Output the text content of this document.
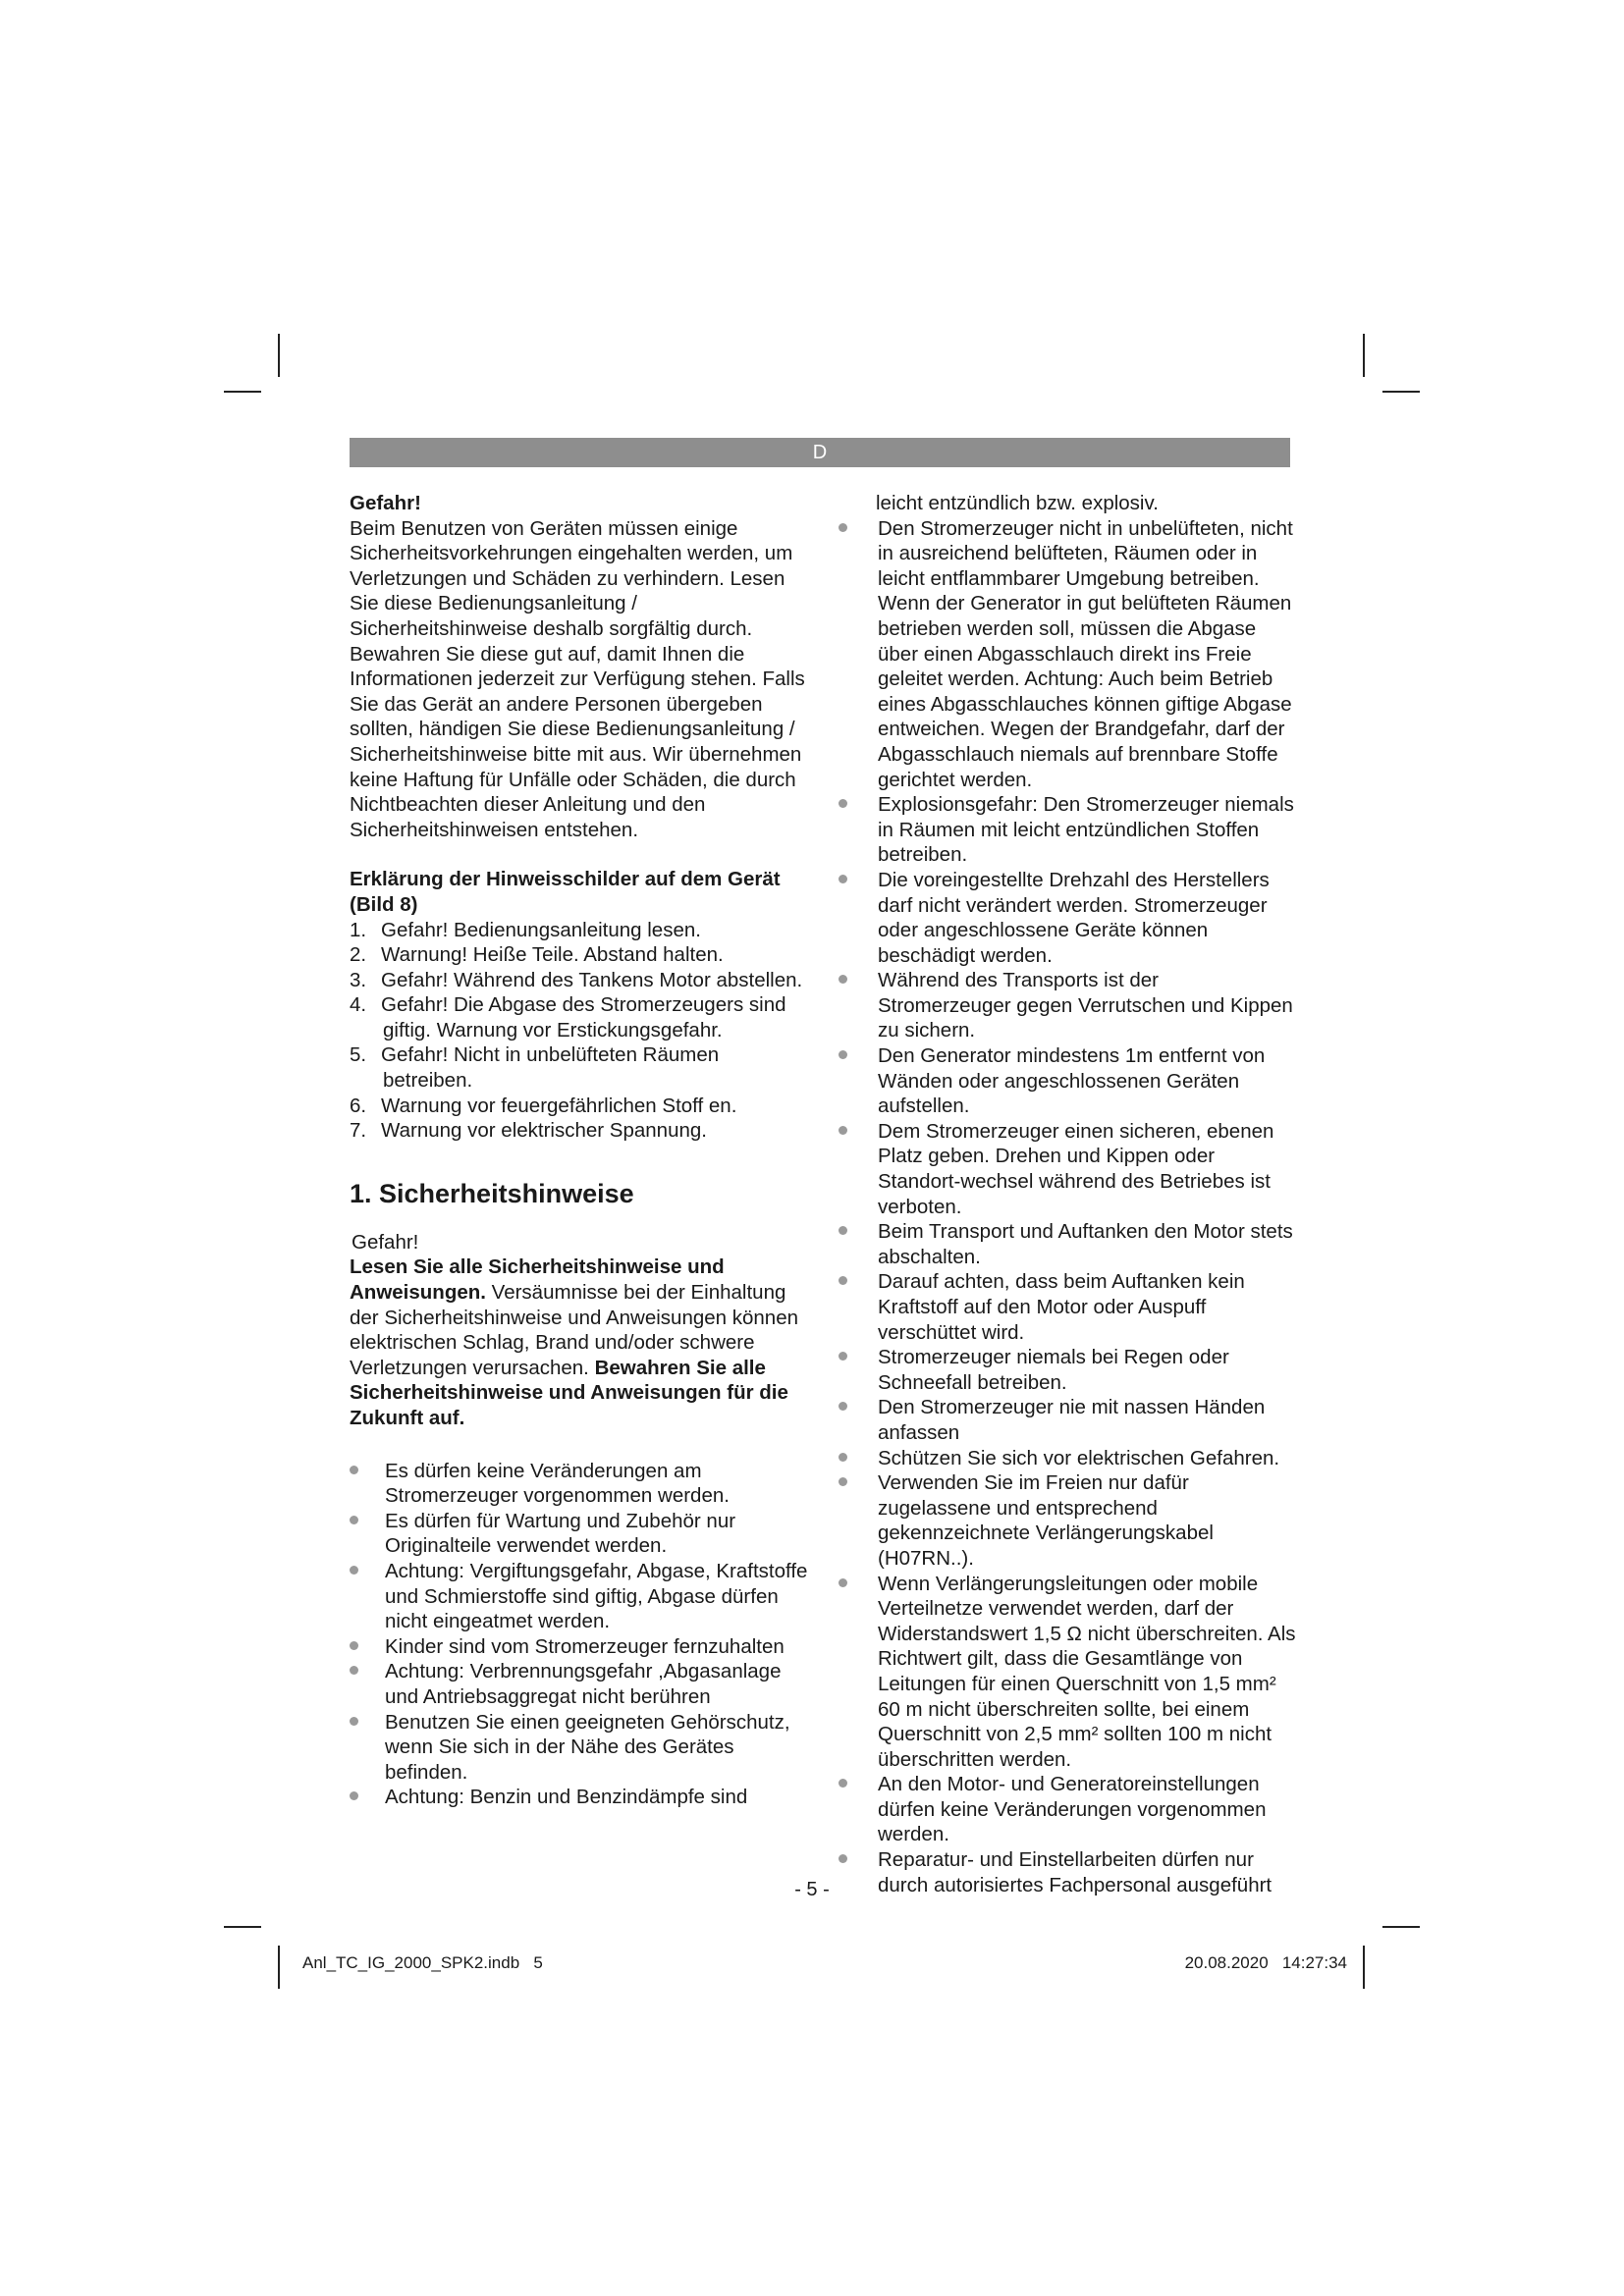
D

Gefahr!

Beim Benutzen von Geräten müssen einige Sicherheitsvorkehrungen eingehalten werden, um Verletzungen und Schäden zu verhindern. Lesen Sie diese Bedienungsanleitung / Sicherheitshinweise deshalb sorgfältig durch. Bewahren Sie diese gut auf, damit Ihnen die Informationen jederzeit zur Verfügung stehen. Falls Sie das Gerät an andere Personen übergeben sollten, händigen Sie diese Bedienungsanleitung / Sicherheitshinweise bitte mit aus. Wir übernehmen keine Haftung für Unfälle oder Schäden, die durch Nichtbeachten dieser Anleitung und den Sicherheitshinweisen entstehen.

Erklärung der Hinweisschilder auf dem Gerät (Bild 8)

1. Gefahr! Bedienungsanleitung lesen.
2. Warnung! Heiße Teile. Abstand halten.
3. Gefahr! Während des Tankens Motor abstellen.
4. Gefahr! Die Abgase des Stromerzeugers sind giftig. Warnung vor Erstickungsgefahr.
5. Gefahr! Nicht in unbelüfteten Räumen betreiben.
6. Warnung vor feuergefährlichen Stoff en.
7. Warnung vor elektrischer Spannung.
1. Sicherheitshinweise

Gefahr!

Lesen Sie alle Sicherheitshinweise und Anweisungen. Versäumnisse bei der Einhaltung der Sicherheitshinweise und Anweisungen können elektrischen Schlag, Brand und/oder schwere Verletzungen verursachen. Bewahren Sie alle Sicherheitshinweise und Anweisungen für die Zukunft auf.

Es dürfen keine Veränderungen am Stromerzeuger vorgenommen werden.
Es dürfen für Wartung und Zubehör nur Originalteile verwendet werden.
Achtung: Vergiftungsgefahr, Abgase, Kraftstoffe und Schmierstoffe sind giftig, Abgase dürfen nicht eingeatmet werden.
Kinder sind vom Stromerzeuger fernzuhalten
Achtung: Verbrennungsgefahr ,Abgasanlage und Antriebsaggregat nicht berühren
Benutzen Sie einen geeigneten Gehörschutz, wenn Sie sich in der Nähe des Gerätes befinden.
Achtung: Benzin und Benzindämpfe sind

leicht entzündlich bzw. explosiv.

Den Stromerzeuger nicht in unbelüfteten, nicht in ausreichend belüfteten, Räumen oder in leicht entflammbarer Umgebung betreiben. Wenn der Generator in gut belüfteten Räumen betrieben werden soll, müssen die Abgase über einen Abgasschlauch direkt ins Freie geleitet werden. Achtung: Auch beim Betrieb eines Abgasschlauches können giftige Abgase entweichen. Wegen der Brandgefahr, darf der Abgasschlauch niemals auf brennbare Stoffe gerichtet werden.
Explosionsgefahr: Den Stromerzeuger niemals in Räumen mit leicht entzündlichen Stoffen betreiben.
Die voreingestellte Drehzahl des Herstellers darf nicht verändert werden. Stromerzeuger oder angeschlossene Geräte können beschädigt werden.
Während des Transports ist der Stromerzeuger gegen Verrutschen und Kippen zu sichern.
Den Generator mindestens 1m entfernt von Wänden oder angeschlossenen Geräten aufstellen.
Dem Stromerzeuger einen sicheren, ebenen Platz geben. Drehen und Kippen oder Standort-wechsel während des Betriebes ist verboten.
Beim Transport und Auftanken den Motor stets abschalten.
Darauf achten, dass beim Auftanken kein Kraftstoff auf den Motor oder Auspuff verschüttet wird.
Stromerzeuger niemals bei Regen oder Schneefall betreiben.
Den Stromerzeuger nie mit nassen Händen anfassen
Schützen Sie sich vor elektrischen Gefahren.
Verwenden Sie im Freien nur dafür zugelassene und entsprechend gekennzeichnete Verlängerungskabel (H07RN..).
Wenn Verlängerungsleitungen oder mobile Verteilnetze verwendet werden, darf der Widerstandswert 1,5 Ω nicht überschreiten. Als Richtwert gilt, dass die Gesamtlänge von Leitungen für einen Querschnitt von 1,5 mm² 60 m nicht überschreiten sollte, bei einem Querschnitt von 2,5 mm² sollten 100 m nicht überschritten werden.
An den Motor- und Generatoreinstellungen dürfen keine Veränderungen vorgenommen werden.
Reparatur- und Einstellarbeiten dürfen nur durch autorisiertes Fachpersonal ausgeführt
- 5 -
Anl_TC_IG_2000_SPK2.indb   5	20.08.2020   14:27:34
